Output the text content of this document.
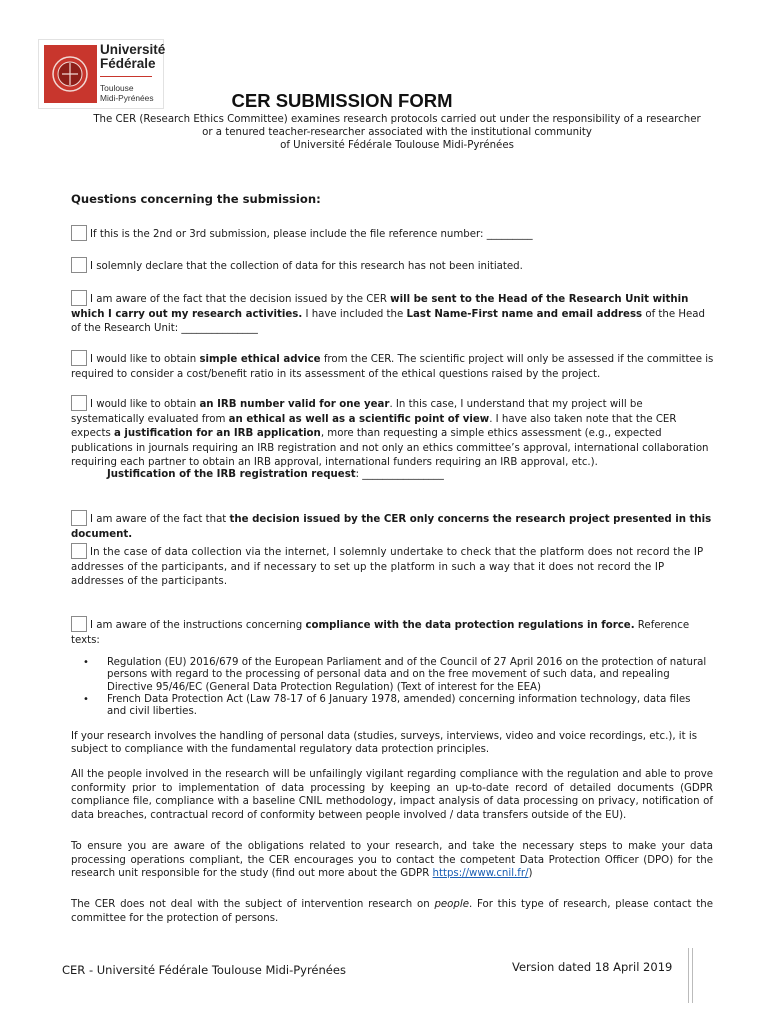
Université
Fédérale
Toulouse
Midi-Pyrénées	CER SUBMISSION FORM
The CER (Research Ethics Committee) examines research protocols carried out under the responsibility of a researcher
or a tenured teacher-researcher associated with the institutional community
of Université Fédérale Toulouse Midi-Pyrénées
Questions concerning the submission:
If this is the 2nd or 3rd submission, please include the file reference number: _________
I solemnly declare that the collection of data for this research has not been initiated.
I am aware of the fact that the decision issued by the CER will be sent to the Head of the Research Unit within which I carry out my research activities. I have included the Last Name-First name and email address of the Head of the Research Unit: _______________
I would like to obtain simple ethical advice from the CER. The scientific project will only be assessed if the committee is required to consider a cost/benefit ratio in its assessment of the ethical questions raised by the project.
I would like to obtain an IRB number valid for one year. In this case, I understand that my project will be systematically evaluated from an ethical as well as a scientific point of view. I have also taken note that the CER expects a justification for an IRB application, more than requesting a simple ethics assessment (e.g., expected publications in journals requiring an IRB registration and not only an ethics committee’s approval, international collaboration requiring each partner to obtain an IRB approval, international funders requiring an IRB approval, etc.).
Justification of the IRB registration request: ________________
I am aware of the fact that the decision issued by the CER only concerns the research project presented in this document.
In the case of data collection via the internet, I solemnly undertake to check that the platform does not record the IP addresses of the participants, and if necessary to set up the platform in such a way that it does not record the IP addresses of the participants.
I am aware of the instructions concerning compliance with the data protection regulations in force. Reference texts:
• Regulation (EU) 2016/679 of the European Parliament and of the Council of 27 April 2016 on the protection of natural persons with regard to the processing of personal data and on the free movement of such data, and repealing Directive 95/46/EC (General Data Protection Regulation) (Text of interest for the EEA)
• French Data Protection Act (Law 78-17 of 6 January 1978, amended) concerning information technology, data files and civil liberties.
If your research involves the handling of personal data (studies, surveys, interviews, video and voice recordings, etc.), it is subject to compliance with the fundamental regulatory data protection principles.
All the people involved in the research will be unfailingly vigilant regarding compliance with the regulation and able to prove conformity prior to implementation of data processing by keeping an up-to-date record of detailed documents (GDPR compliance file, compliance with a baseline CNIL methodology, impact analysis of data processing on privacy, notification of data breaches, contractual record of conformity between people involved / data transfers outside of the EU).
To ensure you are aware of the obligations related to your research, and take the necessary steps to make your data processing operations compliant, the CER encourages you to contact the competent Data Protection Officer (DPO) for the research unit responsible for the study (find out more about the GDPR https://www.cnil.fr/)
The CER does not deal with the subject of intervention research on people. For this type of research, please contact the committee for the protection of persons.
CER - Université Fédérale Toulouse Midi-Pyrénées	Version dated 18 April 2019
